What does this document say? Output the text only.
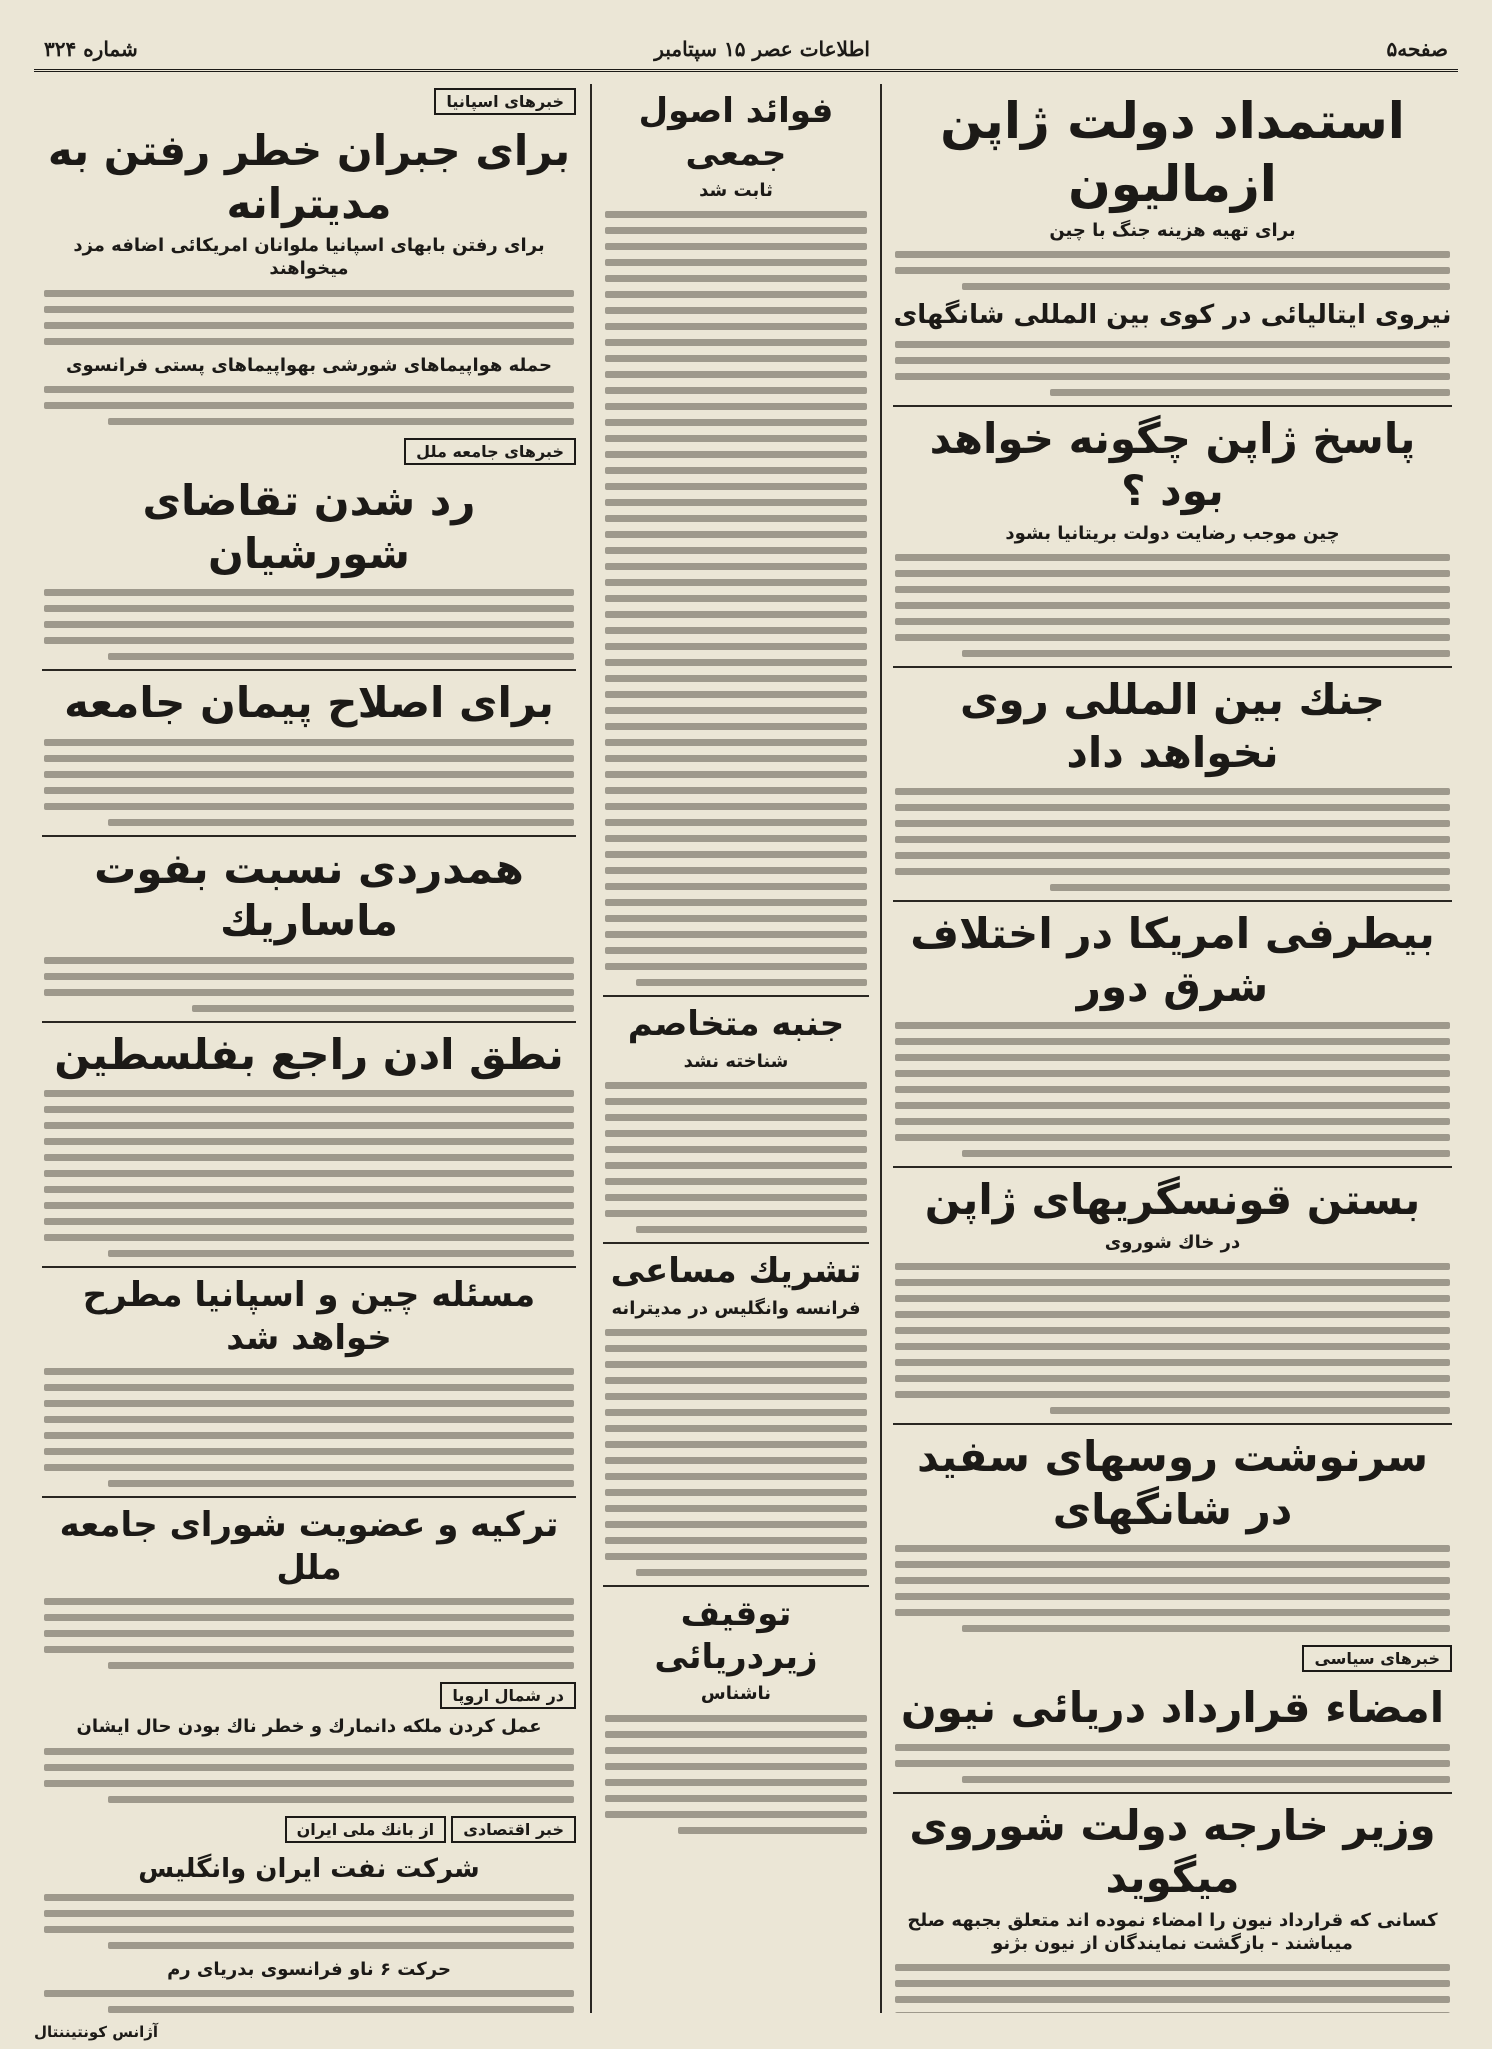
صفحه۵
اطلاعات عصر ۱۵ سپتامبر
شماره ۳۲۴
استمداد دولت ژاپن ازمالیون
برای تهیه هزینه جنگ با چین
نیروی ایتالیائی در کوی بین المللی شانگهای
پاسخ ژاپن چگونه خواهد بود ؟
چین موجب رضایت دولت بریتانیا بشود
جنك بین المللی روی نخواهد داد
بیطرفی امریکا در اختلاف شرق دور
بستن قونسگریهای ژاپن
در خاك شوروی
سرنوشت روسهای سفید در شانگهای
خبرهای سیاسی
امضاء قرارداد دریائی نیون
وزیر خارجه دولت شوروی میگوید
کسانی که قرارداد نیون را امضاء نموده اند متعلق بجبهه صلح میباشند - بازگشت نمایندگان از نیون بژنو
فوائد اصول جمعی
ثابت شد
جنبه متخاصم
شناخته نشد
تشریك مساعی
فرانسه وانگلیس در مدیترانه
توقیف زیردریائی
ناشناس
خبرهای اسپانیا
برای جبران خطر رفتن به مدیترانه
برای رفتن بابهای اسپانیا ملوانان امریکائی اضافه مزد میخواهند
حمله هواپیماهای شورشی بهواپیماهای پستی فرانسوی
خبرهای جامعه ملل
رد شدن تقاضای شورشیان
برای اصلاح پیمان جامعه
همدردی نسبت بفوت ماساریك
نطق ادن راجع بفلسطین
مسئله چین و اسپانیا مطرح خواهد شد
ترکیه و عضویت شورای جامعه ملل
در شمال اروپا
عمل کردن ملکه دانمارك و خطر ناك بودن حال ایشان
خبر اقتصادی از بانك ملی ایران
شرکت نفت ایران وانگلیس
حرکت ۶ ناو فرانسوی بدریای رم
آژانس کونتیننتال
